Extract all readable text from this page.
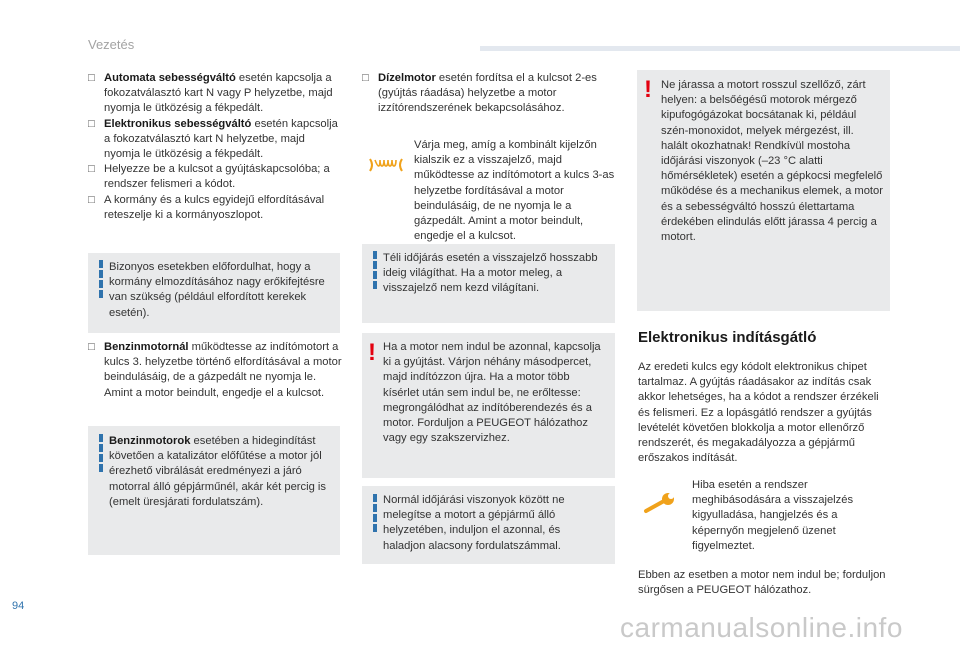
Vezetés
□ Automata sebességváltó esetén kapcsolja a fokozatválasztó kart N vagy P helyzetbe, majd nyomja le ütközésig a fékpedált.
□ Elektronikus sebességváltó esetén kapcsolja a fokozatválasztó kart N helyzetbe, majd nyomja le ütközésig a fékpedált.
□ Helyezze be a kulcsot a gyújtáskapcsolóba; a rendszer felismeri a kódot.
□ A kormány és a kulcs egyidejű elfordításával reteszelje ki a kormányoszlopot.
Bizonyos esetekben előfordulhat, hogy a kormány elmozdításához nagy erőkifejtésre van szükség (például elfordított kerekek esetén).
□ Benzinmotornál működtesse az indítómotort a kulcs 3. helyzetbe történő elfordításával a motor beindulásáig, de a gázpedált ne nyomja le. Amint a motor beindult, engedje el a kulcsot.
Benzinmotorok esetében a hidegindítást követően a katalizátor előfűtése a motor jól érezhető vibrálását eredményezi a járó motorral álló gépjárműnél, akár két percig is (emelt üresjárati fordulatszám).
□ Dízelmotor esetén fordítsa el a kulcsot 2-es (gyújtás ráadása) helyzetbe a motor izzítórendszerének bekapcsolásához.
Várja meg, amíg a kombinált kijelzőn kialszik ez a visszajelző, majd működtesse az indítómotort a kulcs 3-as helyzetbe fordításával a motor beindulásáig, de ne nyomja le a gázpedált. Amint a motor beindult, engedje el a kulcsot.
Téli időjárás esetén a visszajelző hosszabb ideig világíthat. Ha a motor meleg, a visszajelző nem kezd világítani.
! Ha a motor nem indul be azonnal, kapcsolja ki a gyújtást. Várjon néhány másodpercet, majd indítózzon újra. Ha a motor több kísérlet után sem indul be, ne erőltesse: megrongálódhat az indítóberendezés és a motor. Forduljon a PEUGEOT hálózathoz vagy egy szakszervizhez.
Normál időjárási viszonyok között ne melegítse a motort a gépjármű álló helyzetében, induljon el azonnal, és haladjon alacsony fordulatszámmal.
! Ne járassa a motort rosszul szellőző, zárt helyen: a belsőégésű motorok mérgező kipufogógázokat bocsátanak ki, például szén-monoxidot, melyek mérgezést, ill. halált okozhatnak! Rendkívül mostoha időjárási viszonyok (–23 °C alatti hőmérsékletek) esetén a gépkocsi megfelelő működése és a mechanikus elemek, a motor és a sebességváltó hosszú élettartama érdekében elindulás előtt járassa 4 percig a motort.
Elektronikus indításgátló
Az eredeti kulcs egy kódolt elektronikus chipet tartalmaz. A gyújtás ráadásakor az indítás csak akkor lehetséges, ha a kódot a rendszer érzékeli és felismeri. Ez a lopásgátló rendszer a gyújtás levételét követően blokkolja a motor ellenőrző rendszerét, és megakadályozza a gépjármű erőszakos indítását.
Hiba esetén a rendszer meghibásodására a visszajelzés kigyulladása, hangjelzés és a képernyőn megjelenő üzenet figyelmeztet.
Ebben az esetben a motor nem indul be; forduljon sürgősen a PEUGEOT hálózathoz.
94
carmanualsonline.info
